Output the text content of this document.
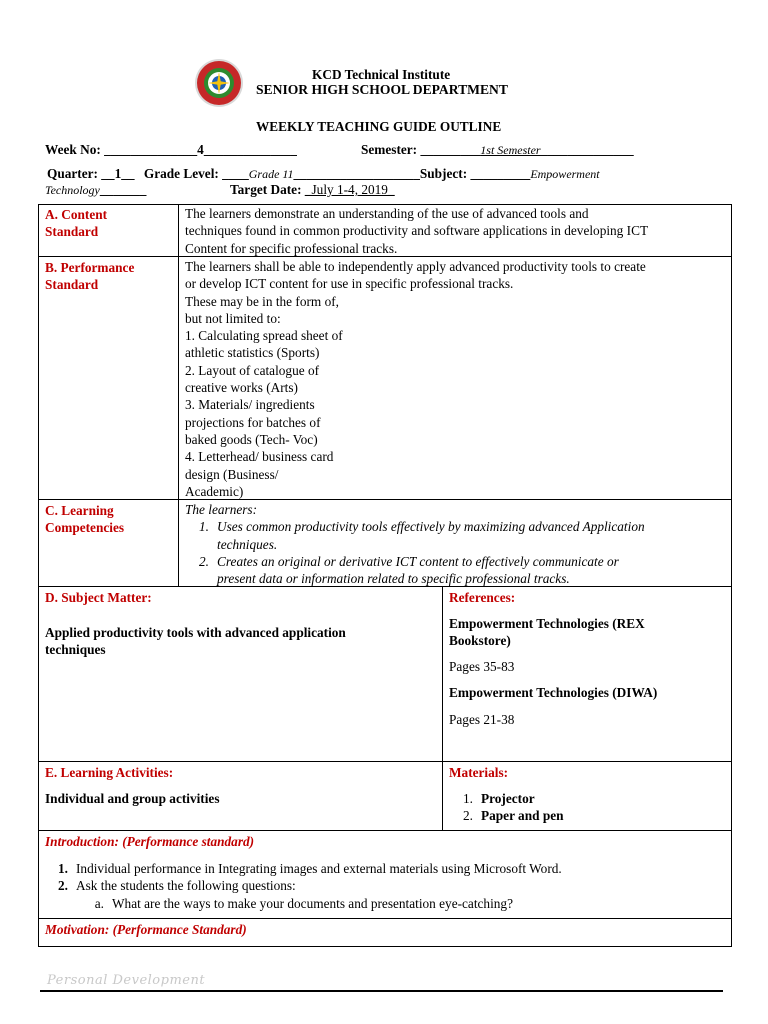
KCD Technical Institute
SENIOR HIGH SCHOOL DEPARTMENT
WEEKLY TEACHING GUIDE OUTLINE
Week No: ______________4______________	Semester: _________1st Semester______________
Quarter: __1__ Grade Level: ____Grade 11___________________Subject: _________Empowerment
Technology_______	Target Date: _July 1-4, 2019_
A. Content
Standard
The learners demonstrate an understanding of the use of advanced tools and
techniques found in common productivity and software applications in developing ICT
Content for specific professional tracks.
B. Performance
Standard
The learners shall be able to independently apply advanced productivity tools to create
or develop ICT content for use in specific professional tracks.
These may be in the form of,
but not limited to:
1. Calculating spread sheet of
athletic statistics (Sports)
2. Layout of catalogue of
creative works (Arts)
3. Materials/ ingredients
projections for batches of
baked goods (Tech- Voc)
4. Letterhead/ business card
design (Business/
Academic)
C. Learning
Competencies
The learners:
1. Uses common productivity tools effectively by maximizing advanced Application
techniques.
2. Creates an original or derivative ICT content to effectively communicate or
present data or information related to specific professional tracks.
D. Subject Matter:
Applied productivity tools with advanced application
techniques
References:
Empowerment Technologies (REX
Bookstore)
Pages 35-83
Empowerment Technologies (DIWA)
Pages 21-38
E. Learning Activities:
Individual and group activities
Materials:
1. Projector
2. Paper and pen
Introduction: (Performance standard)
1. Individual performance in Integrating images and external materials using Microsoft Word.
2. Ask the students the following questions:
a. What are the ways to make your documents and presentation eye-catching?
Motivation: (Performance Standard)
Personal Development
